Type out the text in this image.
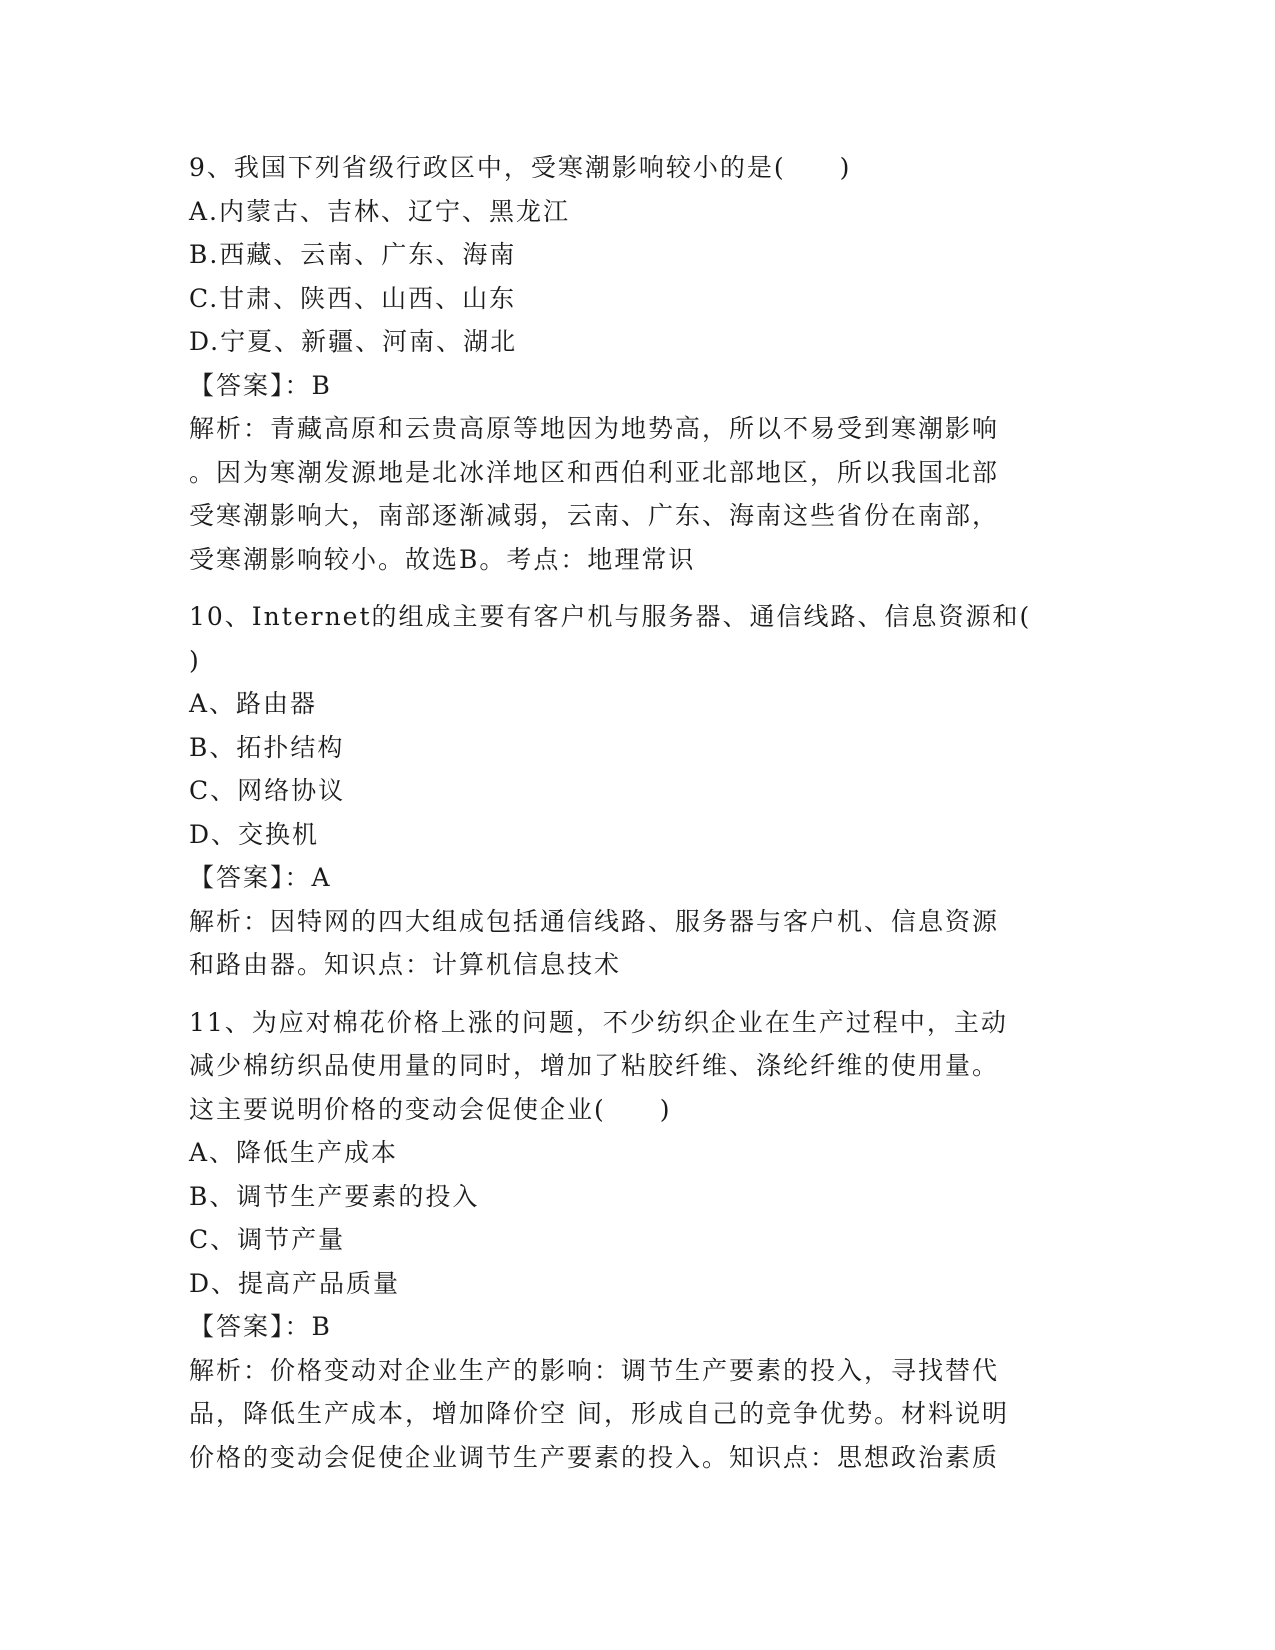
9、我国下列省级行政区中，受寒潮影响较小的是(　　)
A.内蒙古、吉林、辽宁、黑龙江
B.西藏、云南、广东、海南
C.甘肃、陕西、山西、山东
D.宁夏、新疆、河南、湖北
【答案】：B
解析：青藏高原和云贵高原等地因为地势高，所以不易受到寒潮影响
。因为寒潮发源地是北冰洋地区和西伯利亚北部地区，所以我国北部
受寒潮影响大，南部逐渐减弱，云南、广东、海南这些省份在南部，
受寒潮影响较小。故选B。考点：地理常识
10、Internet的组成主要有客户机与服务器、通信线路、信息资源和(
)
A、路由器
B、拓扑结构
C、网络协议
D、交换机
【答案】：A
解析：因特网的四大组成包括通信线路、服务器与客户机、信息资源
和路由器。知识点：计算机信息技术
11、为应对棉花价格上涨的问题，不少纺织企业在生产过程中，主动
减少棉纺织品使用量的同时，增加了粘胶纤维、涤纶纤维的使用量。
这主要说明价格的变动会促使企业(　　)
A、降低生产成本
B、调节生产要素的投入
C、调节产量
D、提高产品质量
【答案】：B
解析：价格变动对企业生产的影响：调节生产要素的投入，寻找替代
品，降低生产成本，增加降价空 间，形成自己的竞争优势。材料说明
价格的变动会促使企业调节生产要素的投入。知识点：思想政治素质
